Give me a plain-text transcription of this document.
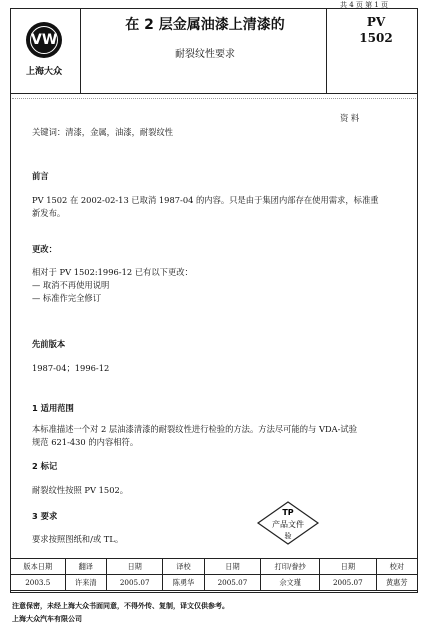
共 4 页 第 1 页
VW
上海大众
在 2 层金属油漆上清漆的
耐裂纹性要求
PV
1502
资 料
关键词：清漆，金属，油漆，耐裂纹性
前言
PV 1502 在 2002-02-13 已取消 1987-04 的内容。只是由于集团内部存在使用需求，标准重
新发布。
更改：
相对于 PV 1502:1996-12 已有以下更改：
— 取消不再使用说明
— 标准作完全修订
先前版本
1987-04；1996-12
1 适用范围
本标准描述一个对 2 层油漆清漆的耐裂纹性进行检验的方法。方法尽可能的与 VDA-试验
规范 621-430 的内容相符。
2 标记
耐裂纹性按照 PV 1502。
3 要求
要求按照图纸和/或 TL。
TP
产品文件
验
版本日期	翻译	日期	译校	日期	打印/誊抄	日期	校对
2003.5	许来清	2005.07	陈勇华	2005.07	佘文瑾	2005.07	黄惠芳
注意保密，未经上海大众书面同意，不得外传、复制，译文仅供参考。
上海大众汽车有限公司
